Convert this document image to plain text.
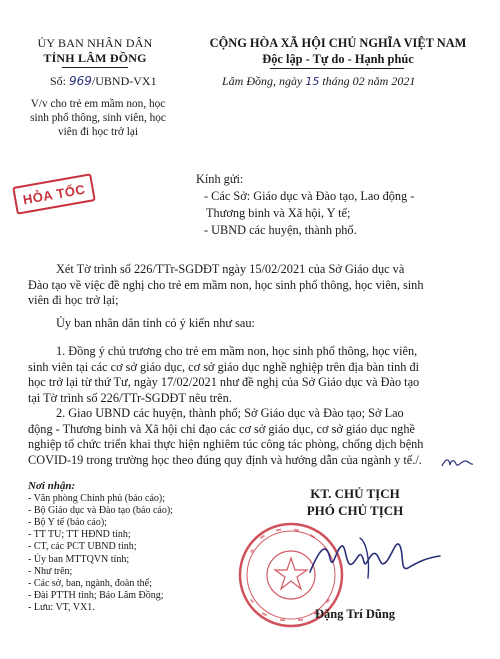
ỦY BAN NHÂN DÂN
TỈNH LÂM ĐỒNG
Số: 969/UBND-VX1
V/v cho trẻ em mầm non, học
sinh phổ thông, sinh viên, học
viên đi học trở lại
CỘNG HÒA XÃ HỘI CHỦ NGHĨA VIỆT NAM
Độc lập - Tự do - Hạnh phúc
Lâm Đồng, ngày 15 tháng 02 năm 2021
HỎA TỐC
Kính gửi:
- Các Sở: Giáo dục và Đào tạo, Lao động -
Thương binh và Xã hội, Y tế;
- UBND các huyện, thành phố.
Xét Tờ trình số 226/TTr-SGDĐT ngày 15/02/2021 của Sở Giáo dục và
Đào tạo về việc đề nghị cho trẻ em mầm non, học sinh phổ thông, học viên, sinh
viên đi học trở lại;
Ủy ban nhân dân tỉnh có ý kiến như sau:
1. Đồng ý chủ trương cho trẻ em mầm non, học sinh phổ thông, học viên,
sinh viên tại các cơ sở giáo dục, cơ sở giáo dục nghề nghiệp trên địa bàn tỉnh đi
học trở lại từ thứ Tư, ngày 17/02/2021 như đề nghị của Sở Giáo dục và Đào tạo
tại Tờ trình số 226/TTr-SGDĐT nêu trên.
2. Giao UBND các huyện, thành phố; Sở Giáo dục và Đào tạo; Sở Lao
động - Thương binh và Xã hội chỉ đạo các cơ sở giáo dục, cơ sở giáo dục nghề
nghiệp tổ chức triển khai thực hiện nghiêm túc công tác phòng, chống dịch bệnh
COVID-19 trong trường học theo đúng quy định và hướng dẫn của ngành y tế./.
Nơi nhận:
- Văn phòng Chính phủ (báo cáo);
- Bộ Giáo dục và Đào tạo (báo cáo);
- Bộ Y tế (báo cáo);
- TT TU; TT HĐND tỉnh;
- CT, các PCT UBND tỉnh;
- Ủy ban MTTQVN tỉnh;
- Như trên;
- Các sở, ban, ngành, đoàn thể;
- Đài PTTH tỉnh; Báo Lâm Đồng;
- Lưu: VT, VX1.
KT. CHỦ TỊCH
PHÓ CHỦ TỊCH
Đặng Trí Dũng
